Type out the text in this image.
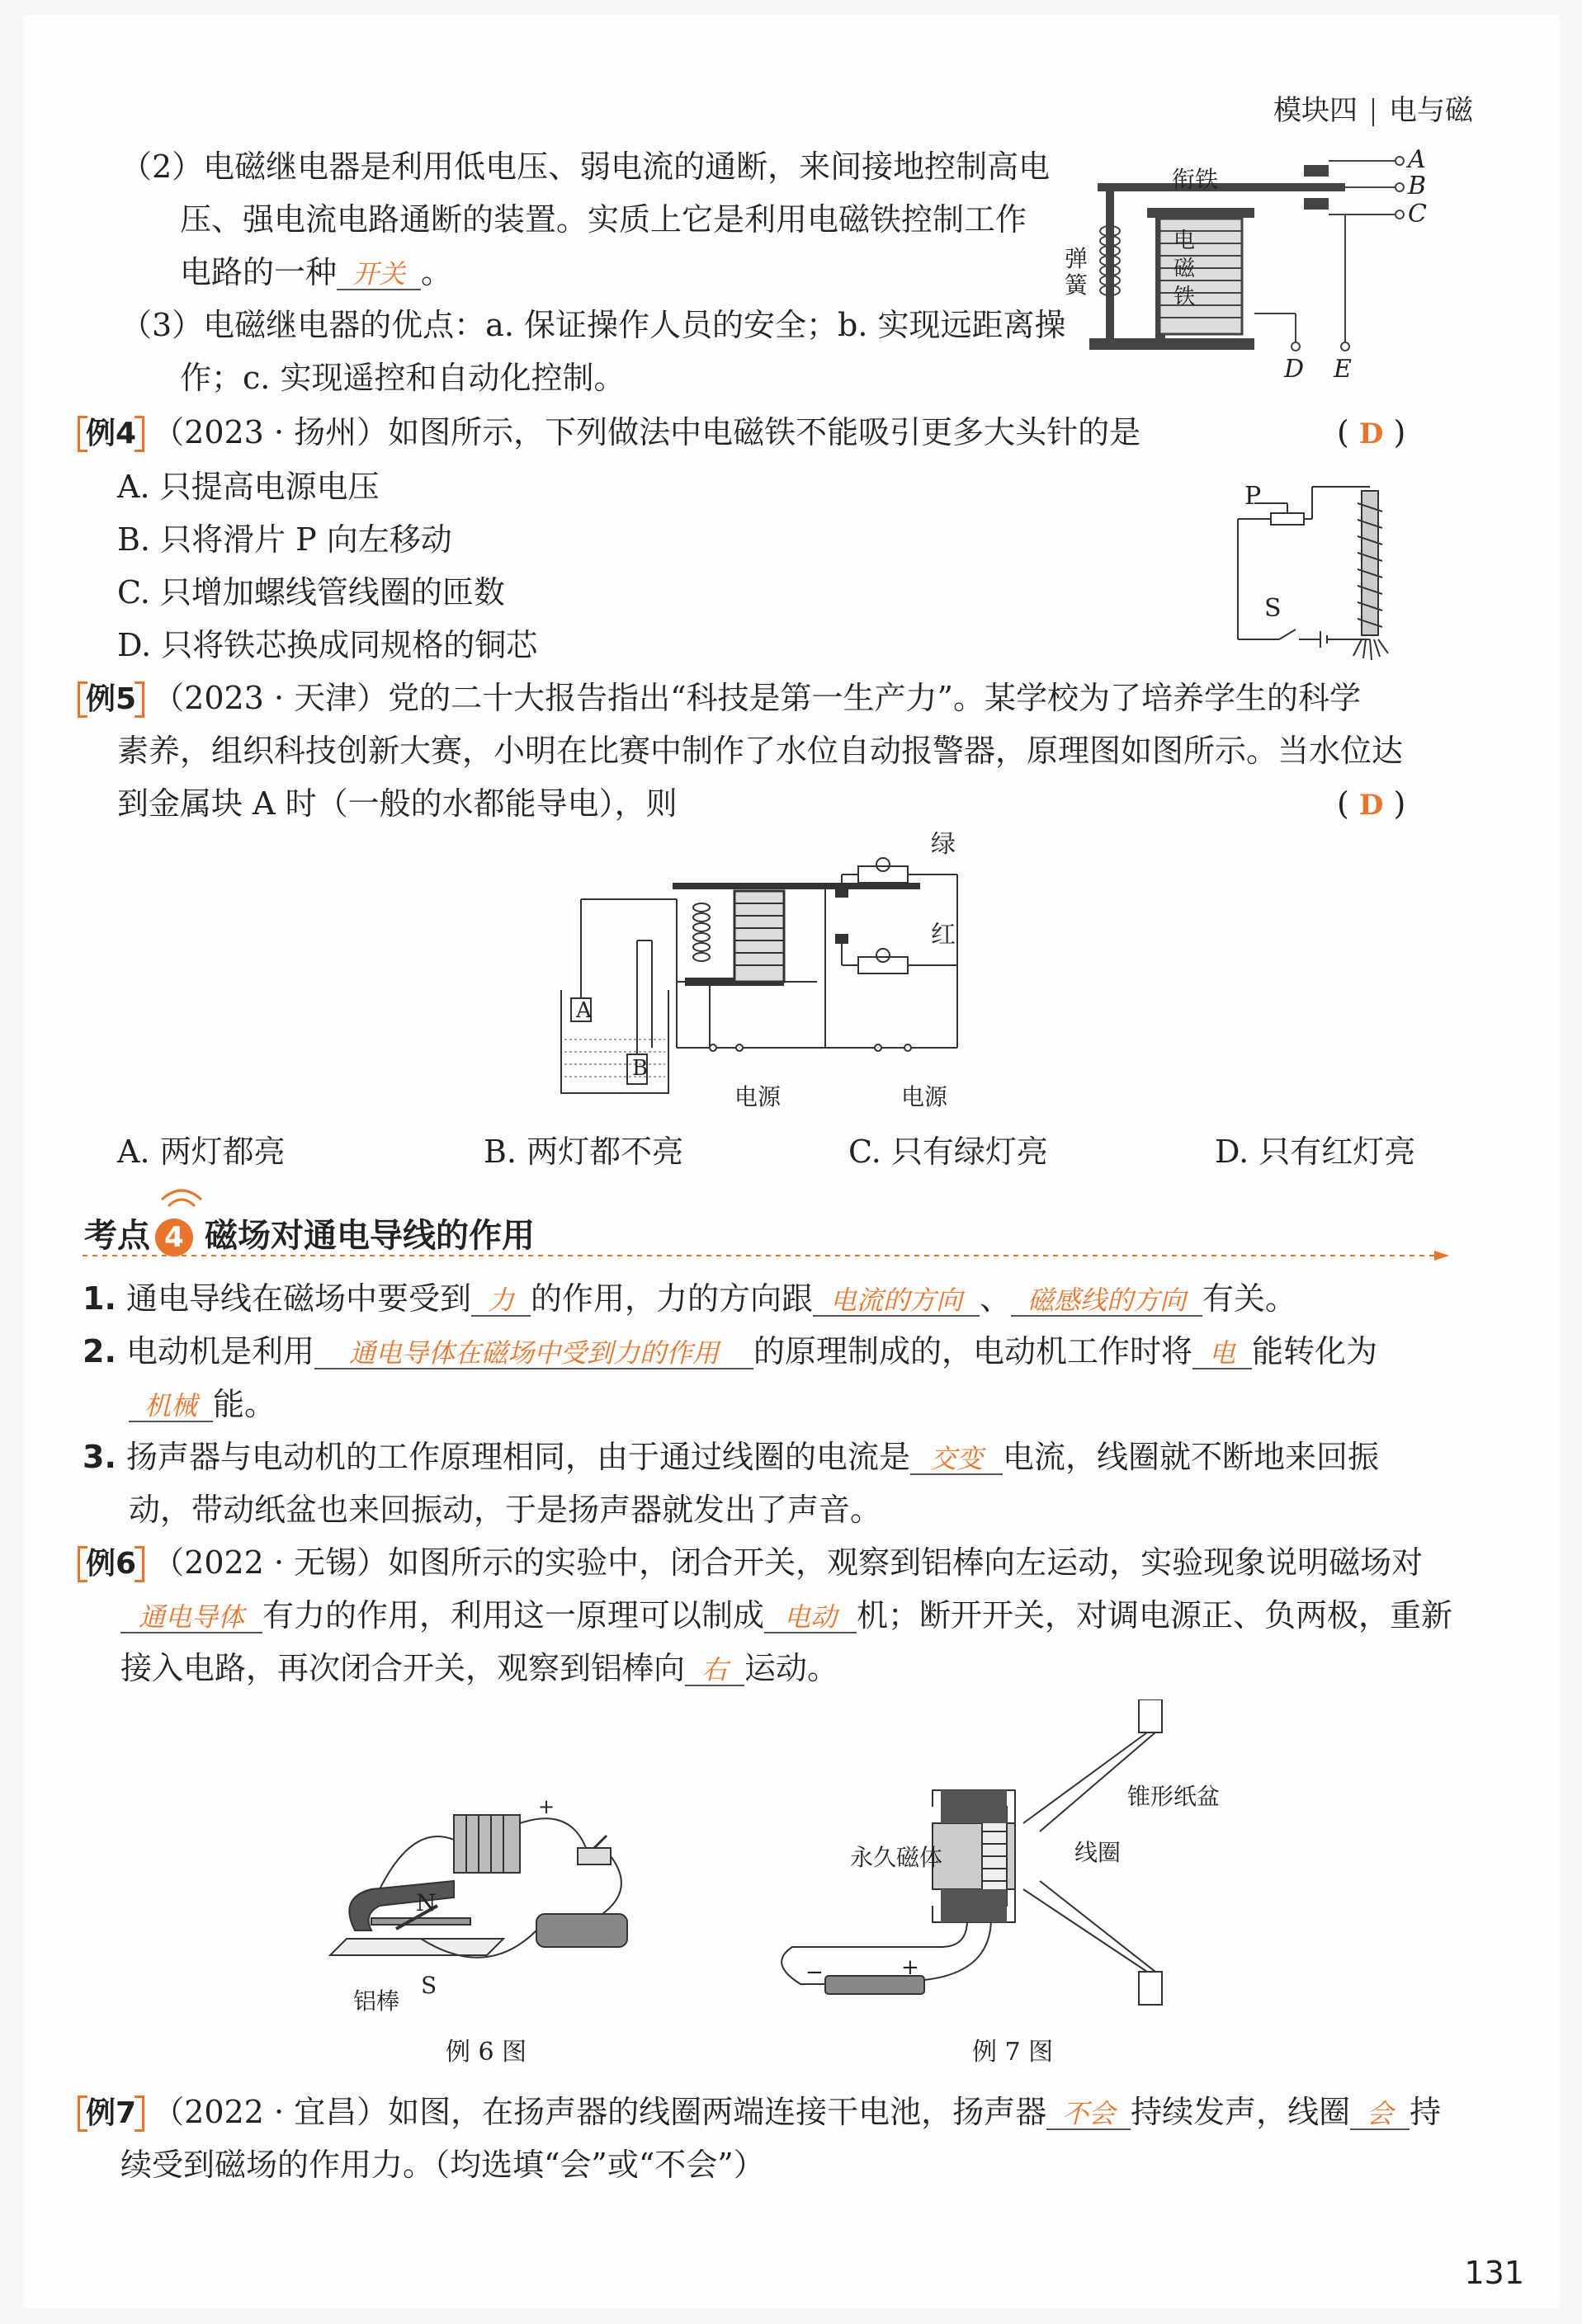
模块四 电与磁
（2）电磁继电器是利用低电压、弱电流的通断，来间接地控制高电
压、强电流电路通断的装置。实质上它是利用电磁铁控制工作
电路的一种 开关 。
（3）电磁继电器的优点：a. 保证操作人员的安全；b. 实现远距离操
作；c. 实现遥控和自动化控制。
电磁铁
衔铁
弹簧
A
B
C
D E
例4 （2023 · 扬州）如图所示，下列做法中电磁铁不能吸引更多大头针的是	( D )
A. 只提高电源电压
B. 只将滑片 P 向左移动
C. 只增加螺线管线圈的匝数
D. 只将铁芯换成同规格的铜芯
P
S
例5 （2023 · 天津）党的二十大报告指出“科技是第一生产力”。某学校为了培养学生的科学
素养，组织科技创新大赛，小明在比赛中制作了水位自动报警器，原理图如图所示。当水位达
到金属块 A 时（一般的水都能导电），则	( D )
绿
红
A
B
电源	电源
A. 两灯都亮	B. 两灯都不亮	C. 只有绿灯亮	D. 只有红灯亮
考点 4 磁场对通电导线的作用
1. 通电导线在磁场中要受到 力 的作用，力的方向跟 电流的方向 、 磁感线的方向 有关。
2. 电动机是利用 通电导体在磁场中受到力的作用 的原理制成的，电动机工作时将 电 能转化为
机械 能。
3. 扬声器与电动机的工作原理相同，由于通过线圈的电流是 交变 电流，线圈就不断地来回振
动，带动纸盆也来回振动，于是扬声器就发出了声音。
例6 （2022 · 无锡）如图所示的实验中，闭合开关，观察到铝棒向左运动，实验现象说明磁场对
通电导体 有力的作用，利用这一原理可以制成 电动 机；断开开关，对调电源正、负两极，重新
接入电路，再次闭合开关，观察到铝棒向 右 运动。
N
S
+
铝棒
例 6 图
锥形纸盆
永久磁体	线圈
−	+
例 7 图
例7 （2022 · 宜昌）如图，在扬声器的线圈两端连接干电池，扬声器 不会 持续发声，线圈 会 持
续受到磁场的作用力。（均选填“会”或“不会”）
131
